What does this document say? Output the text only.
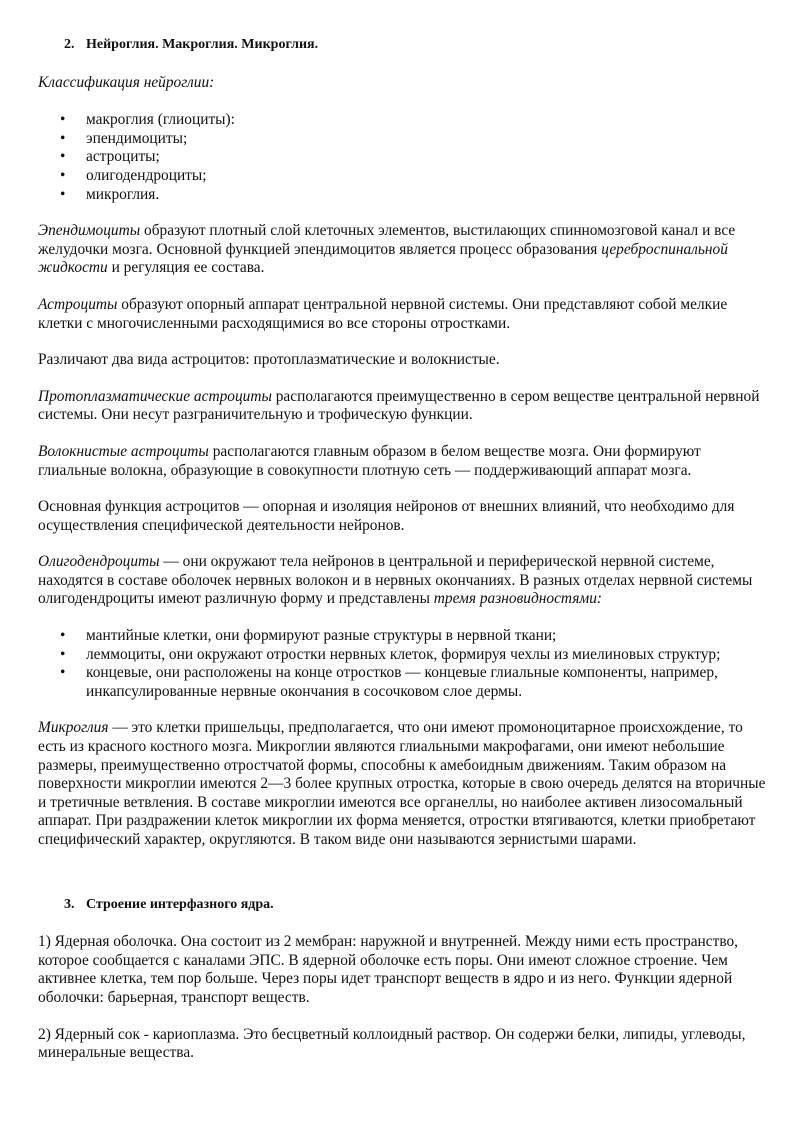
2. Нейроглия. Макроглия. Микроглия.

Классификация нейроглии:

• макроглия (глиоциты):
• эпендимоциты;
• астроциты;
• олигодендроциты;
• микроглия.

Эпендимоциты образуют плотный слой клеточных элементов, выстилающих спинномозговой канал и все желудочки мозга. Основной функцией эпендимоцитов является процесс образования цереброспинальной жидкости и регуляция ее состава.

Астроциты образуют опорный аппарат центральной нервной системы. Они представляют собой мелкие клетки с многочисленными расходящимися во все стороны отростками.

Различают два вида астроцитов: протоплазматические и волокнистые.

Протоплазматические астроциты располагаются преимущественно в сером веществе центральной нервной системы. Они несут разграничительную и трофическую функции.

Волокнистые астроциты располагаются главным образом в белом веществе мозга. Они формируют глиальные волокна, образующие в совокупности плотную сеть — поддерживающий аппарат мозга.

Основная функция астроцитов — опорная и изоляция нейронов от внешних влияний, что необходимо для осуществления специфической деятельности нейронов.

Олигодендроциты — они окружают тела нейронов в центральной и периферической нервной системе, находятся в составе оболочек нервных волокон и в нервных окончаниях. В разных отделах нервной системы олигодендроциты имеют различную форму и представлены тремя разновидностями:

• мантийные клетки, они формируют разные структуры в нервной ткани;
• леммоциты, они окружают отростки нервных клеток, формируя чехлы из миелиновых структур;
• концевые, они расположены на конце отростков — концевые глиальные компоненты, например, инкапсулированные нервные окончания в сосочковом слое дермы.

Микроглия — это клетки пришельцы, предполагается, что они имеют промоноцитарное происхождение, то есть из красного костного мозга. Микроглии являются глиальными макрофагами, они имеют небольшие размеры, преимущественно отростчатой формы, способны к амебоидным движениям. Таким образом на поверхности микроглии имеются 2—3 более крупных отростка, которые в свою очередь делятся на вторичные и третичные ветвления. В составе микроглии имеются все органеллы, но наиболее активен лизосомальный аппарат. При раздражении клеток микроглии их форма меняется, отростки втягиваются, клетки приобретают специфический характер, округляются. В таком виде они называются зернистыми шарами.

3. Строение интерфазного ядра.

1) Ядерная оболочка. Она состоит из 2 мембран: наружной и внутренней. Между ними есть пространство, которое сообщается с каналами ЭПС. В ядерной оболочке есть поры. Они имеют сложное строение. Чем активнее клетка, тем пор больше. Через поры идет транспорт веществ в ядро и из него. Функции ядерной оболочки: барьерная, транспорт веществ.

2) Ядерный сок - кариоплазма. Это бесцветный коллоидный раствор. Он содержи белки, липиды, углеводы, минеральные вещества.
